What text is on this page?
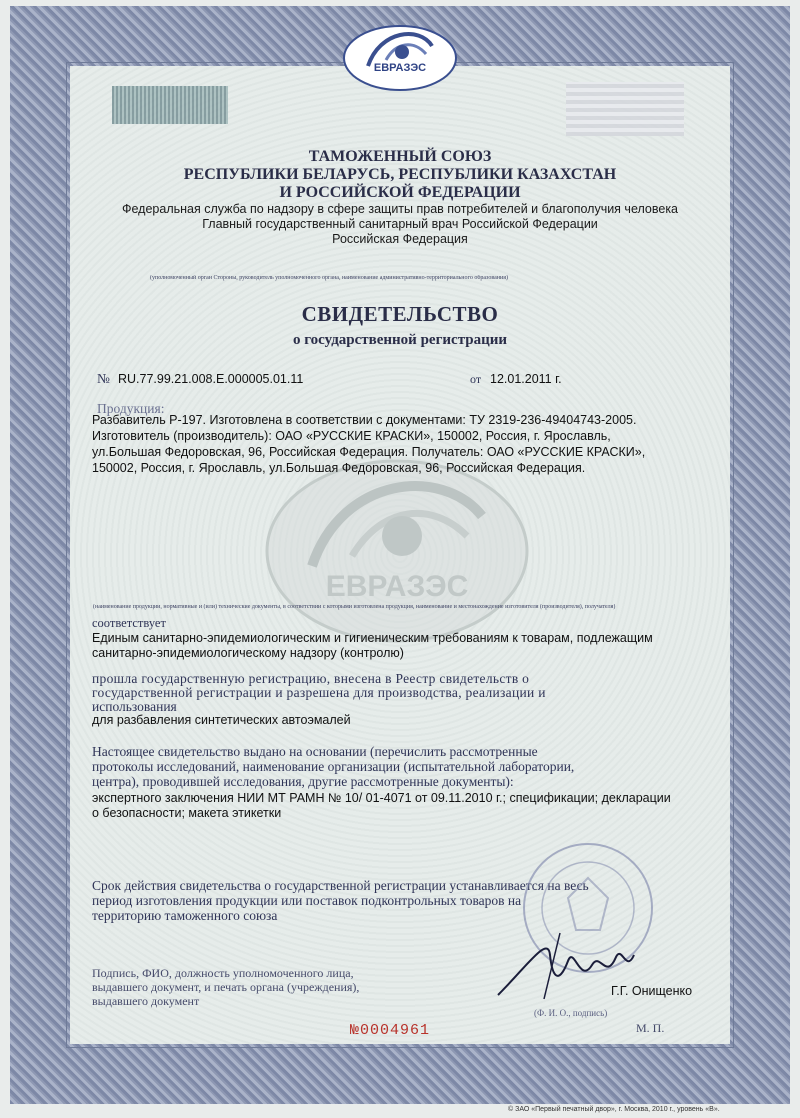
ЕВРАЗЭС
ТАМОЖЕННЫЙ СОЮЗ
РЕСПУБЛИКИ БЕЛАРУСЬ, РЕСПУБЛИКИ КАЗАХСТАН
И РОССИЙСКОЙ ФЕДЕРАЦИИ
Федеральная служба по надзору в сфере защиты прав потребителей и благополучия человека
Главный государственный санитарный врач Российской Федерации
Российская Федерация
(уполномоченный орган Стороны, руководитель уполномоченного органа, наименование административно-территориального образования)
СВИДЕТЕЛЬСТВО
о государственной регистрации
№ RU.77.99.21.008.Е.000005.01.11	от 12.01.2011 г.
ЕВРАЗЭС
Продукция:
Разбавитель Р-197. Изготовлена в соответствии с документами: ТУ 2319-236-49404743-2005.
Изготовитель (производитель): ОАО «РУССКИЕ КРАСКИ», 150002, Россия, г. Ярославль,
ул.Большая Федоровская, 96, Российская Федерация. Получатель: ОАО «РУССКИЕ КРАСКИ»,
150002, Россия, г. Ярославль, ул.Большая Федоровская, 96, Российская Федерация.
(наименование продукции, нормативные и (или) технические документы, в соответствии с которыми изготовлена продукция, наименование и местонахождение изготовителя (производителя), получателя)
соответствует
Единым санитарно-эпидемиологическим и гигиеническим требованиям к товарам, подлежащим
санитарно-эпидемиологическому надзору (контролю)
прошла государственную регистрацию, внесена в Реестр свидетельств о
государственной регистрации и разрешена для производства, реализации и
использования
для разбавления синтетических автоэмалей
Настоящее свидетельство выдано на основании (перечислить рассмотренные
протоколы исследований, наименование организации (испытательной лаборатории,
центра), проводившей исследования, другие рассмотренные документы):
экспертного заключения НИИ МТ РАМН № 10/ 01-4071 от 09.11.2010 г.; спецификации; декларации
о безопасности; макета этикетки
Срок действия свидетельства о государственной регистрации устанавливается на весь
период изготовления продукции или поставок подконтрольных товаров на
территорию таможенного союза
Подпись, ФИО, должность уполномоченного лица,
выдавшего документ, и печать органа (учреждения),
выдавшего документ
Г.Г. Онищенко
(Ф. И. О., подпись)
М. П.
№0004961
© ЗАО «Первый печатный двор», г. Москва, 2010 г., уровень «В».
